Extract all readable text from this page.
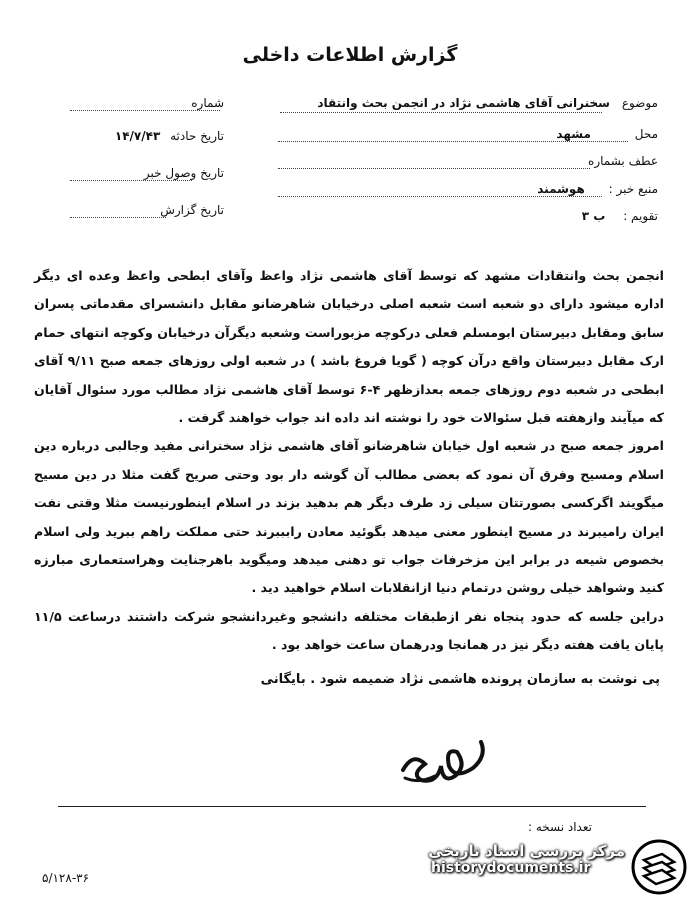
گزارش اطلاعات داخلی
موضوع سخنرانی آقای هاشمی نژاد در انجمن بحث وانتقاد
محل مشهد
عطف بشماره
منبع خبر : هوشمند
تقویم : ب ۳
شماره
تاریخ حادثه ۱۴/۷/۴۳
تاریخ وصول خبر
تاریخ گزارش

انجمن بحث وانتقادات مشهد که توسط آقای هاشمی نژاد واعظ وآقای ابطحی واعظ وعده ای دیگر اداره میشود دارای دو شعبه است شعبه اصلی درخیابان شاهرضانو مقابل دانشسرای مقدماتی پسران سابق ومقابل دبیرستان ابومسلم فعلی درکوچه مزبوراست وشعبه دیگرآن درخیابان وکوچه انتهای حمام ارک مقابل دبیرستان واقع درآن کوچه ( گویا فروغ باشد ) در شعبه اولی روزهای جمعه صبح ۹/۱۱ آقای ابطحی در شعبه دوم روزهای جمعه بعدازظهر ۴-۶ توسط آقای هاشمی نژاد مطالب مورد سئوال آقایان که میآیند وازهفته قبل سئوالات خود را نوشته اند داده اند جواب خواهند گرفت .

امروز جمعه صبح در شعبه اول خیابان شاهرضانو آقای هاشمی نژاد سخنرانی مفید وجالبی درباره دین اسلام ومسیح وفرق آن نمود که بعضی مطالب آن گوشه دار بود وحتی صریح گفت مثلا در دین مسیح میگویند اگرکسی بصورتتان سیلی زد طرف دیگر هم بدهید بزند در اسلام اینطورنیست مثلا وقتی نفت ایران رامیبرند در مسیح اینطور معنی میدهد بگوئید معادن رابببرند حتی مملکت راهم ببرید ولی اسلام بخصوص شیعه در برابر این مزخرفات جواب تو دهنی میدهد ومیگوید باهرجنایت وهراستعماری مبارزه کنید وشواهد خیلی روشن درتمام دنیا ازانقلابات اسلام خواهید دید .

دراین جلسه که حدود پنجاه نفر ازطبقات مختلفه دانشجو وغیردانشجو شرکت داشتند درساعت ۱۱/۵ پایان یافت هفته دیگر نیز در همانجا ودرهمان ساعت خواهد بود .

پی نوشت به سازمان پرونده هاشمی نژاد ضمیمه شود . بایگانی
تعداد نسخه :
۵/۱۲۸-۳۶
مرکز بررسی اسناد تاریخی
historydocuments.ir
